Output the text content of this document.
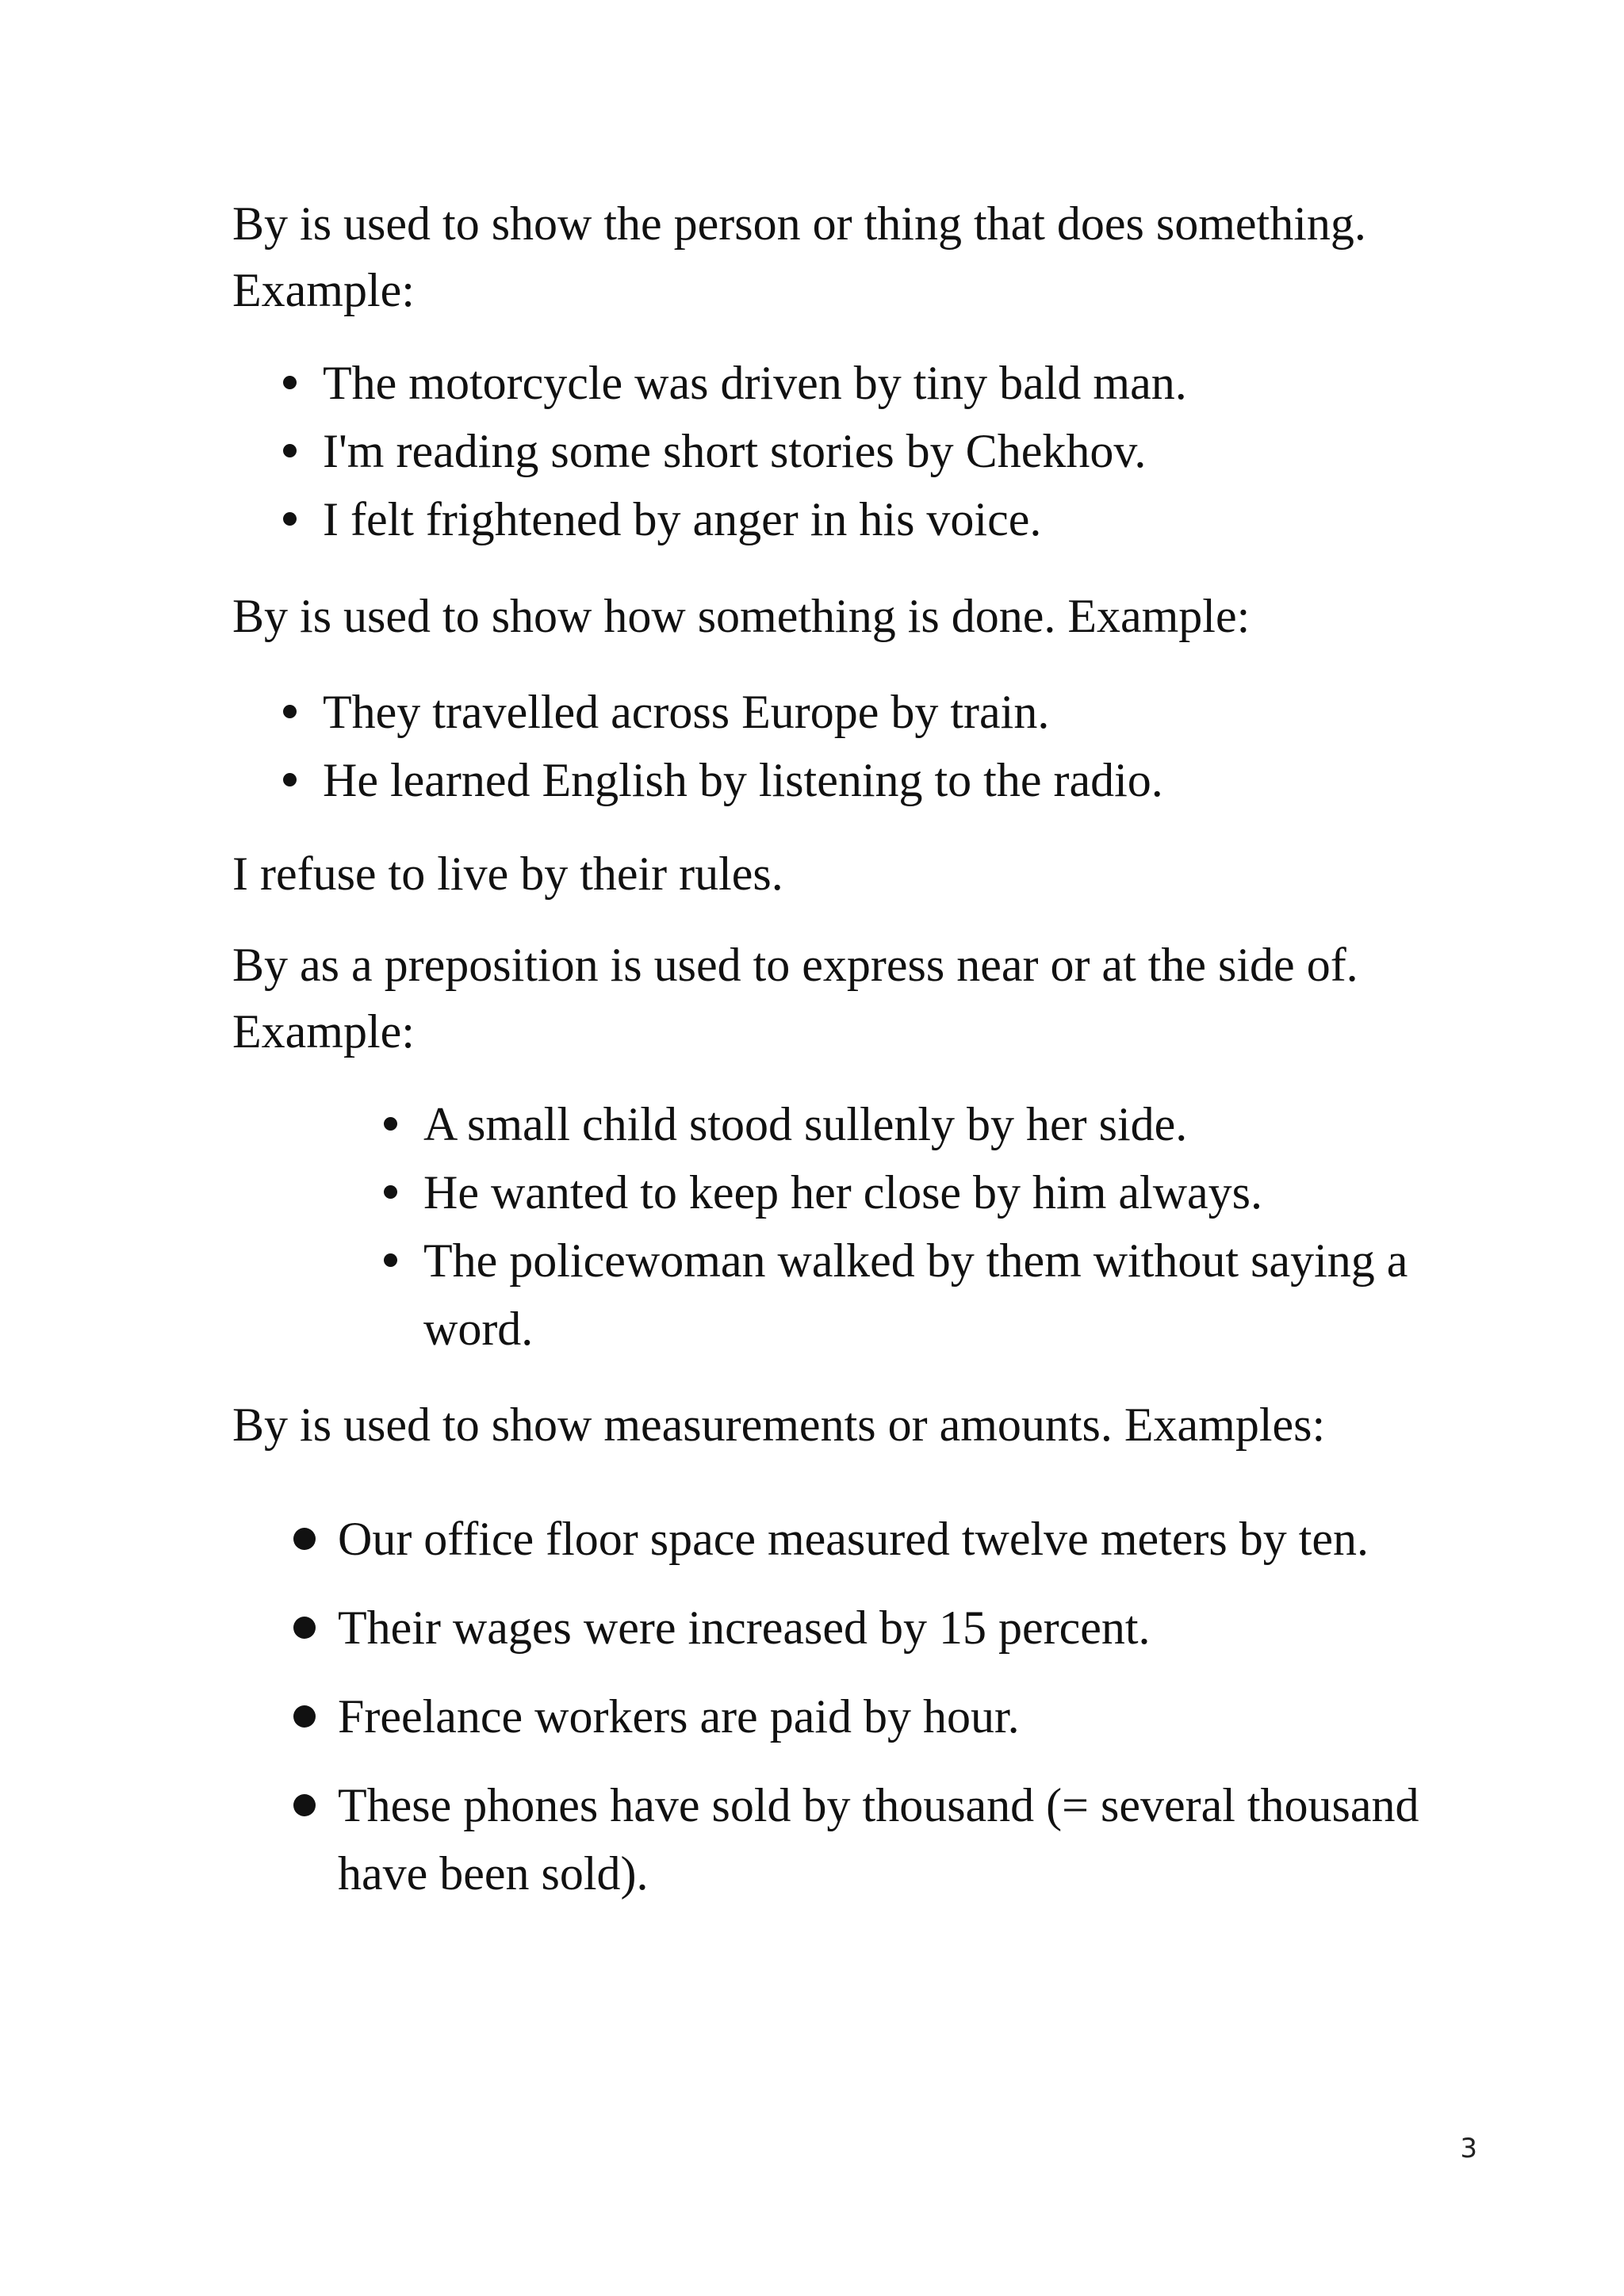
By is used to show the person or thing that does something. Example:

The motorcycle was driven by tiny bald man.
I'm reading some short stories by Chekhov.
I felt frightened by anger in his voice.

By is used to show how something is done. Example:

They travelled across Europe by train.
He learned English by listening to the radio.

I refuse to live by their rules.

By as a preposition is used to express near or at the side of. Example:

A small child stood sullenly by her side.
He wanted to keep her close by him always.
The policewoman walked by them without saying a word.

By is used to show measurements or amounts. Examples:

Our office floor space measured twelve meters by ten.
Their wages were increased by 15 percent.
Freelance workers are paid by hour.
These phones have sold by thousand (= several thousand have been sold).
3
